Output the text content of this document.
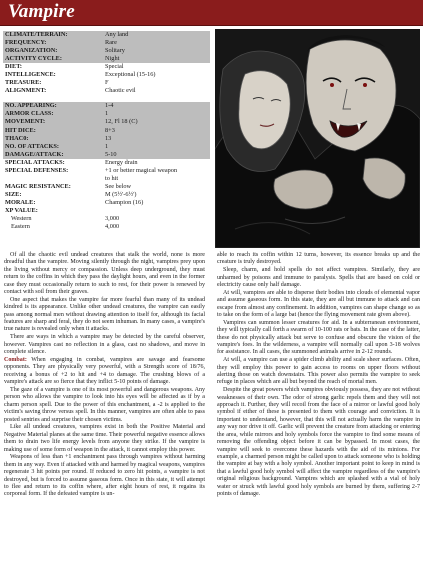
Vampire
CLIMATE/TERRAIN:	Any land
FREQUENCY:	Rare
ORGANIZATION:	Solitary
ACTIVITY CYCLE:	Night
DIET:	Special
INTELLIGENCE:	Exceptional (15-16)
TREASURE:	F
ALIGNMENT:	Chaotic evil
NO. APPEARING:	1-4
ARMOR CLASS:	1
MOVEMENT:	12, Fl 18 (C)
HIT DICE:	8+3
THAC0:	13
NO. OF ATTACKS:	1
DAMAGE/ATTACK:	5-10
SPECIAL ATTACKS:	Energy drain
SPECIAL DEFENSES:	+1 or better magical weapon
to hit
MAGIC RESISTANCE:	See below
SIZE:	M (5½'-6½')
MORALE:	Champion (16)
XP VALUE:
Western	3,000
Eastern	4,000

Of all the chaotic evil undead creatures that stalk the world, none is more dreadful than the vampire. Moving silently through the night, vampires prey upon the living without mercy or compassion. Unless deep underground, they must return to the coffins in which they pass the daylight hours, and even in the former case they must occasionally return to such to rest, for their power is renewed by contact with soil from their graves.

One aspect that makes the vampire far more fearful than many of its undead kindred is its appearance. Unlike other undead creatures, the vampire can easily pass among normal men without drawing attention to itself for, although its facial features are sharp and feral, they do not seem inhuman. In many cases, a vampire's true nature is revealed only when it attacks.

There are ways in which a vampire may be detected by the careful observer, however. Vampires cast no reflection in a glass, cast no shadows, and move in complete silence.

Combat: When engaging in combat, vampires are savage and fearsome opponents. They are physically very powerful, with a Strength score of 18/76, receiving a bonus of +2 to hit and +4 to damage. The crushing blows of a vampire's attack are so fierce that they inflict 5-10 points of damage.

The gaze of a vampire is one of its most powerful and dangerous weapons. Any person who allows the vampire to look into his eyes will be affected as if by a charm person spell. Due to the power of this enchantment, a -2 is applied to the victim's saving throw versus spell. In this manner, vampires are often able to pass posted sentries and surprise their chosen victims.

Like all undead creatures, vampires exist in both the Positive Material and Negative Material planes at the same time. Their powerful negative essence allows them to drain two life energy levels from anyone they strike. If the vampire is making use of some form of weapon in the attack, it cannot employ this power.

Weapons of less than +1 enchantment pass through vampires without harming them in any way. Even if attacked with and harmed by magical weapons, vampires regenerate 3 hit points per round. If reduced to zero hit points, a vampire is not destroyed, but is forced to assume gaseous form. Once in this state, it will attempt to flee and return to its coffin where, after eight hours of rest, it regains its corporeal form. If the defeated vampire is un-

able to reach its coffin within 12 turns, however, its essence breaks up and the creature is truly destroyed.

Sleep, charm, and hold spells do not affect vampires. Similarly, they are unharmed by poisons and immune to paralysis. Spells that are based on cold or electricity cause only half damage.

At will, vampires are able to disperse their bodies into clouds of elemental vapor and assume gaseous form. In this state, they are all but immune to attack and can escape from almost any confinement. In addition, vampires can shape change so as to take on the form of a large bat (hence the flying movement rate given above).

Vampires can summon lesser creatures for aid. In a subterranean environment, they will typically call forth a swarm of 10-100 rats or bats. In the case of the latter, these do not physically attack but serve to confuse and obscure the vision of the vampire's foes. In the wilderness, a vampire will normally call upon 3-18 wolves for assistance. In all cases, the summoned animals arrive in 2-12 rounds.

At will, a vampire can use a spider climb ability and scale sheer surfaces. Often, they will employ this power to gain access to rooms on upper floors without alerting those on watch downstairs. This power also permits the vampire to seek refuge in places which are all but beyond the reach of mortal men.

Despite the great powers which vampires obviously possess, they are not without weaknesses of their own. The odor of strong garlic repels them and they will not approach it. Further, they will recoil from the face of a mirror or lawful good holy symbol if either of these is presented to them with courage and conviction. It is important to understand, however, that this will not actually harm the vampire in any way nor drive it off. Garlic will prevent the creature from attacking or entering the area, while mirrors and holy symbols force the vampire to find some means of removing the offending object before it can be bypassed. In most cases, the vampire will seek to overcome these hazards with the aid of its minions. For example, a charmed person might be called upon to attack someone who is holding the vampire at bay with a holy symbol. Another important point to keep in mind is that a lawful good holy symbol will affect the vampire regardless of the vampire's original religious background. Vampires which are splashed with a vial of holy water or struck with lawful good holy symbols are burned by them, suffering 2-7 points of damage.
